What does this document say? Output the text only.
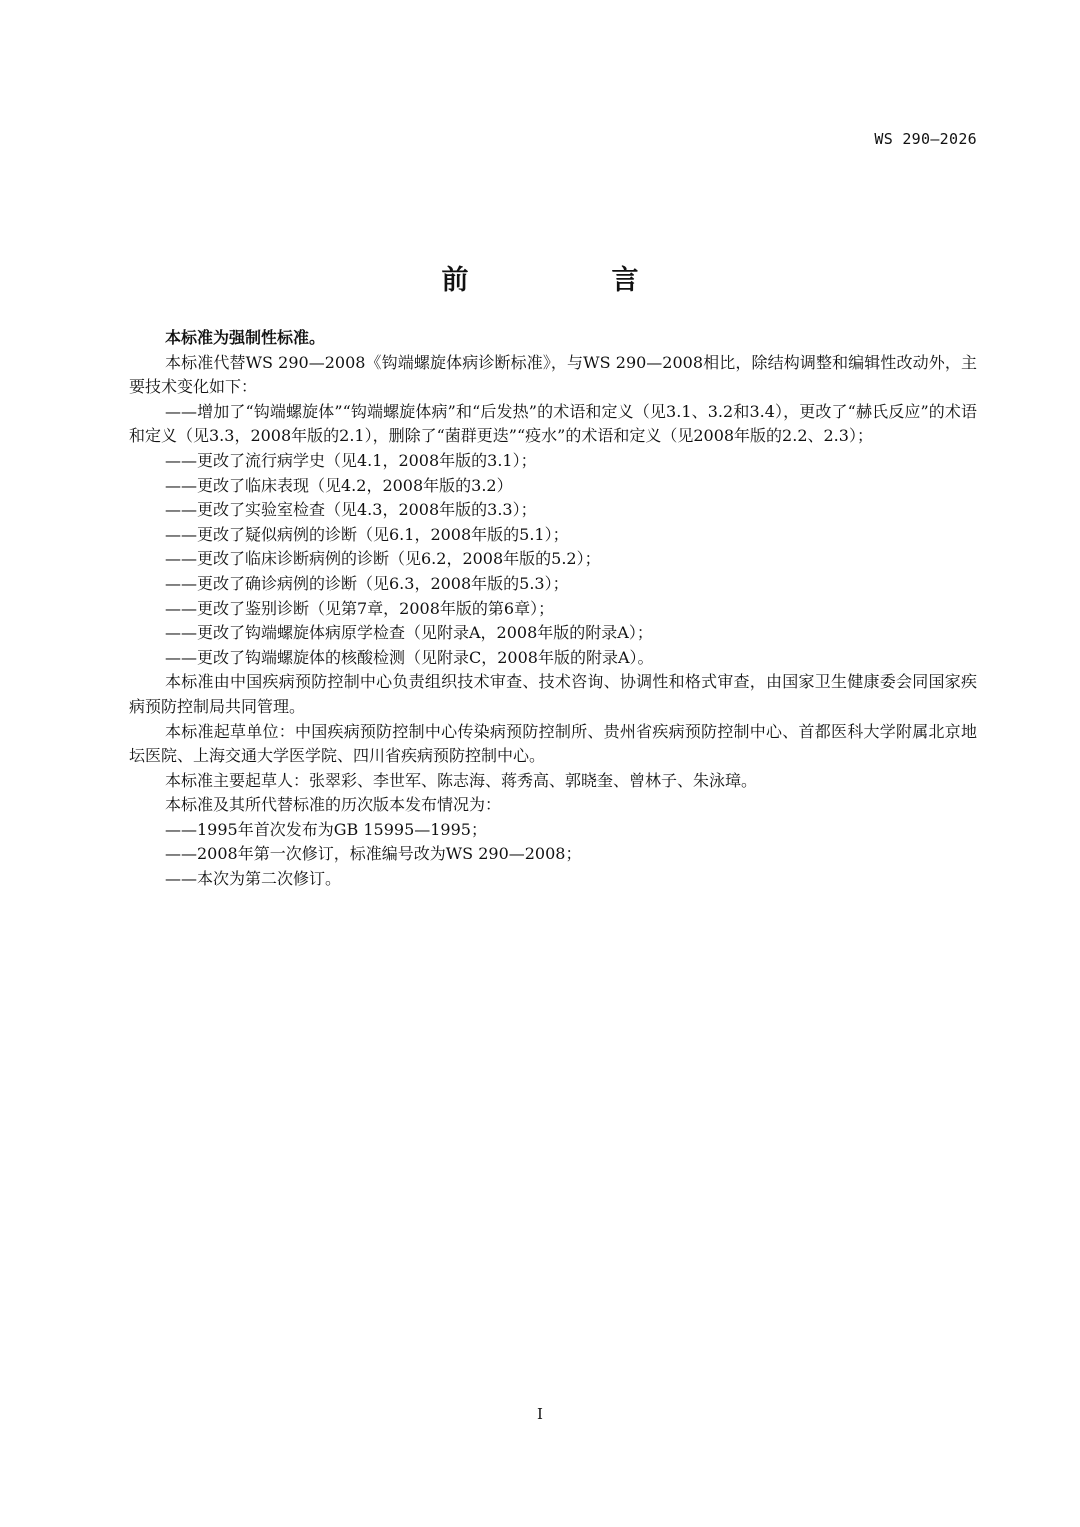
WS 290—2026
前　言

本标准为强制性标准。

本标准代替WS 290—2008《钩端螺旋体病诊断标准》，与WS 290—2008相比，除结构调整和编辑性改动外，主要技术变化如下：

——增加了“钩端螺旋体”“钩端螺旋体病”和“后发热”的术语和定义（见3.1、3.2和3.4），更改了“赫氏反应”的术语和定义（见3.3，2008年版的2.1），删除了“菌群更迭”“疫水”的术语和定义（见2008年版的2.2、2.3）；

——更改了流行病学史（见4.1，2008年版的3.1）；

——更改了临床表现（见4.2，2008年版的3.2）

——更改了实验室检查（见4.3，2008年版的3.3）；

——更改了疑似病例的诊断（见6.1，2008年版的5.1）；

——更改了临床诊断病例的诊断（见6.2，2008年版的5.2）；

——更改了确诊病例的诊断（见6.3，2008年版的5.3）；

——更改了鉴别诊断（见第7章，2008年版的第6章）；

——更改了钩端螺旋体病原学检查（见附录A，2008年版的附录A）；

——更改了钩端螺旋体的核酸检测（见附录C，2008年版的附录A）。

本标准由中国疾病预防控制中心负责组织技术审查、技术咨询、协调性和格式审查，由国家卫生健康委会同国家疾病预防控制局共同管理。

本标准起草单位：中国疾病预防控制中心传染病预防控制所、贵州省疾病预防控制中心、首都医科大学附属北京地坛医院、上海交通大学医学院、四川省疾病预防控制中心。

本标准主要起草人：张翠彩、李世军、陈志海、蒋秀高、郭晓奎、曾林子、朱泳璋。

本标准及其所代替标准的历次版本发布情况为：

——1995年首次发布为GB 15995—1995；

——2008年第一次修订，标准编号改为WS 290—2008；

——本次为第二次修订。

I
